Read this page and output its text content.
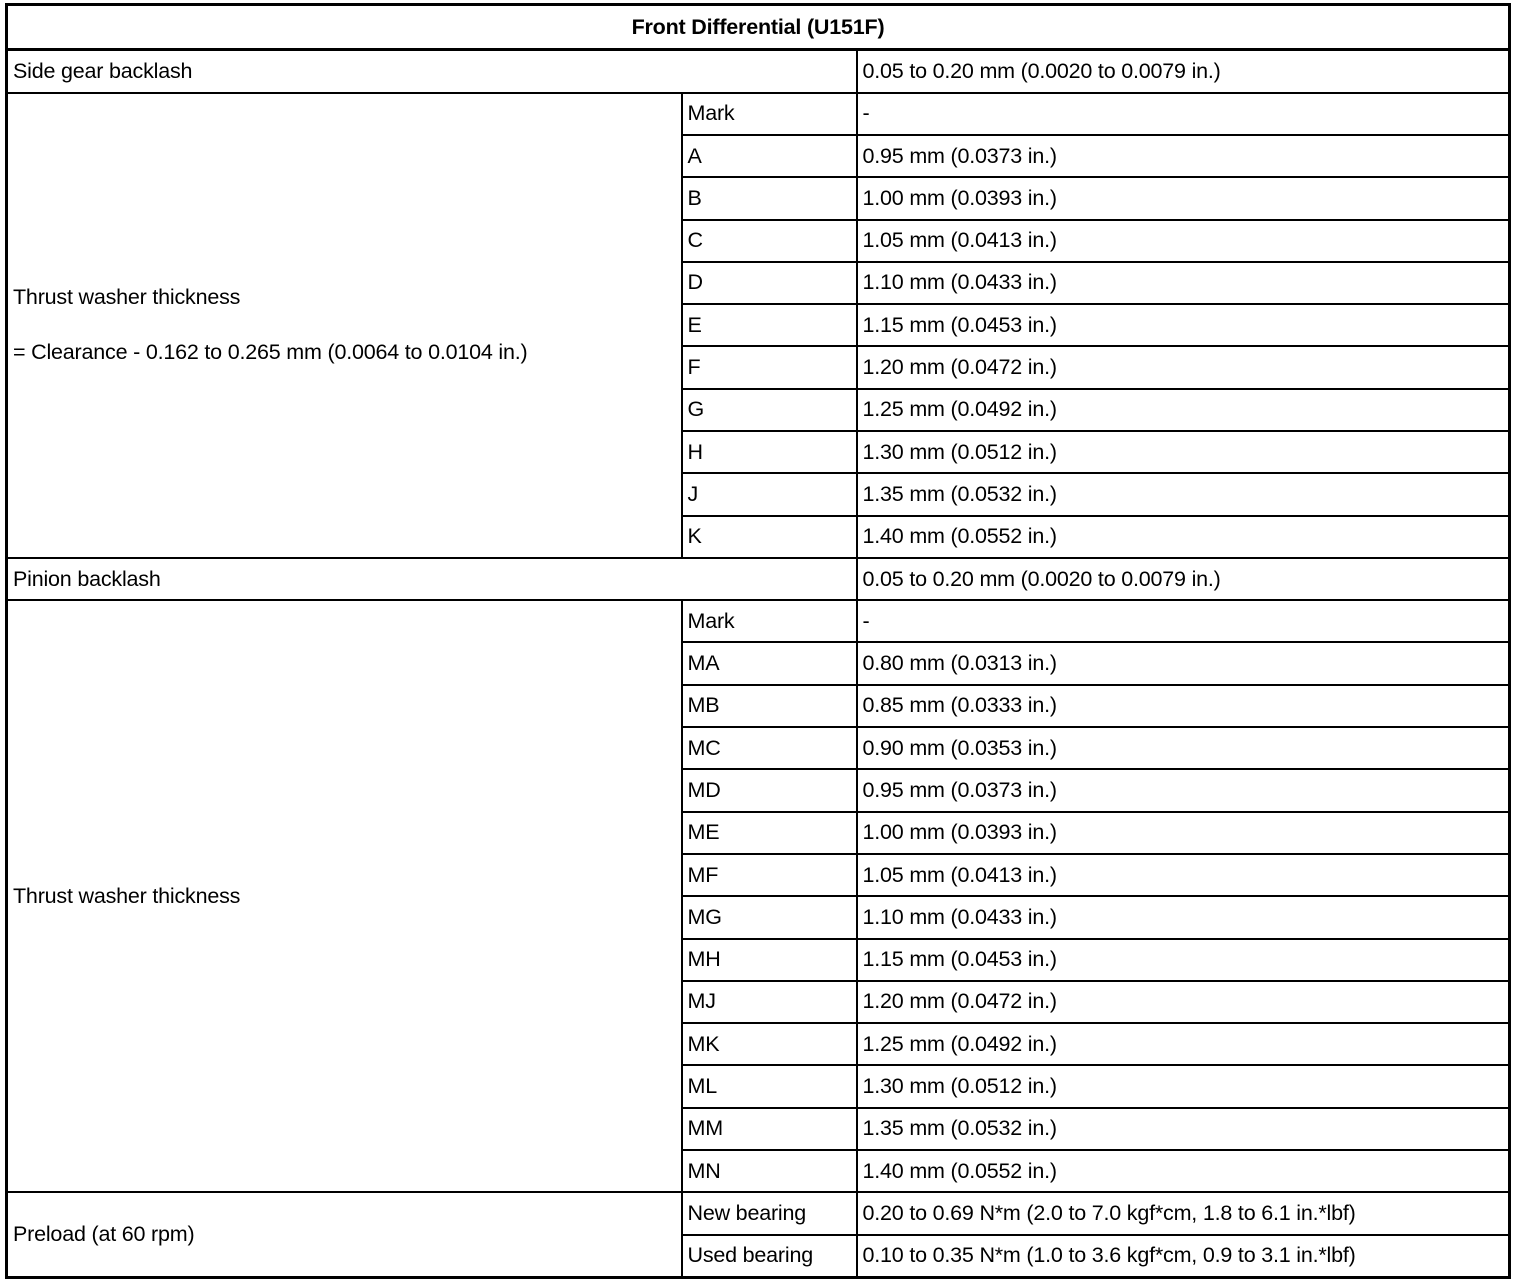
Front Differential (U151F)		
Side gear backlash		0.05 to 0.20 mm (0.0020 to 0.0079 in.)

Thrust washer thickness
= Clearance - 0.162 to 0.265 mm (0.0064 to 0.0104 in.)	Mark	-
	A	0.95 mm (0.0373 in.)
	B	1.00 mm (0.0393 in.)
	C	1.05 mm (0.0413 in.)
	D	1.10 mm (0.0433 in.)
	E	1.15 mm (0.0453 in.)
	F	1.20 mm (0.0472 in.)
	G	1.25 mm (0.0492 in.)
	H	1.30 mm (0.0512 in.)
	J	1.35 mm (0.0532 in.)
	K	1.40 mm (0.0552 in.)
Pinion backlash		0.05 to 0.20 mm (0.0020 to 0.0079 in.)

Thrust washer thickness	Mark	-
	MA	0.80 mm (0.0313 in.)
	MB	0.85 mm (0.0333 in.)
	MC	0.90 mm (0.0353 in.)
	MD	0.95 mm (0.0373 in.)
	ME	1.00 mm (0.0393 in.)
	MF	1.05 mm (0.0413 in.)
	MG	1.10 mm (0.0433 in.)
	MH	1.15 mm (0.0453 in.)
	MJ	1.20 mm (0.0472 in.)
	MK	1.25 mm (0.0492 in.)
	ML	1.30 mm (0.0512 in.)
	MM	1.35 mm (0.0532 in.)
	MN	1.40 mm (0.0552 in.)

Preload (at 60 rpm)	New bearing	0.20 to 0.69 N*m (2.0 to 7.0 kgf*cm, 1.8 to 6.1 in.*lbf)
	Used bearing	0.10 to 0.35 N*m (1.0 to 3.6 kgf*cm, 0.9 to 3.1 in.*lbf)
